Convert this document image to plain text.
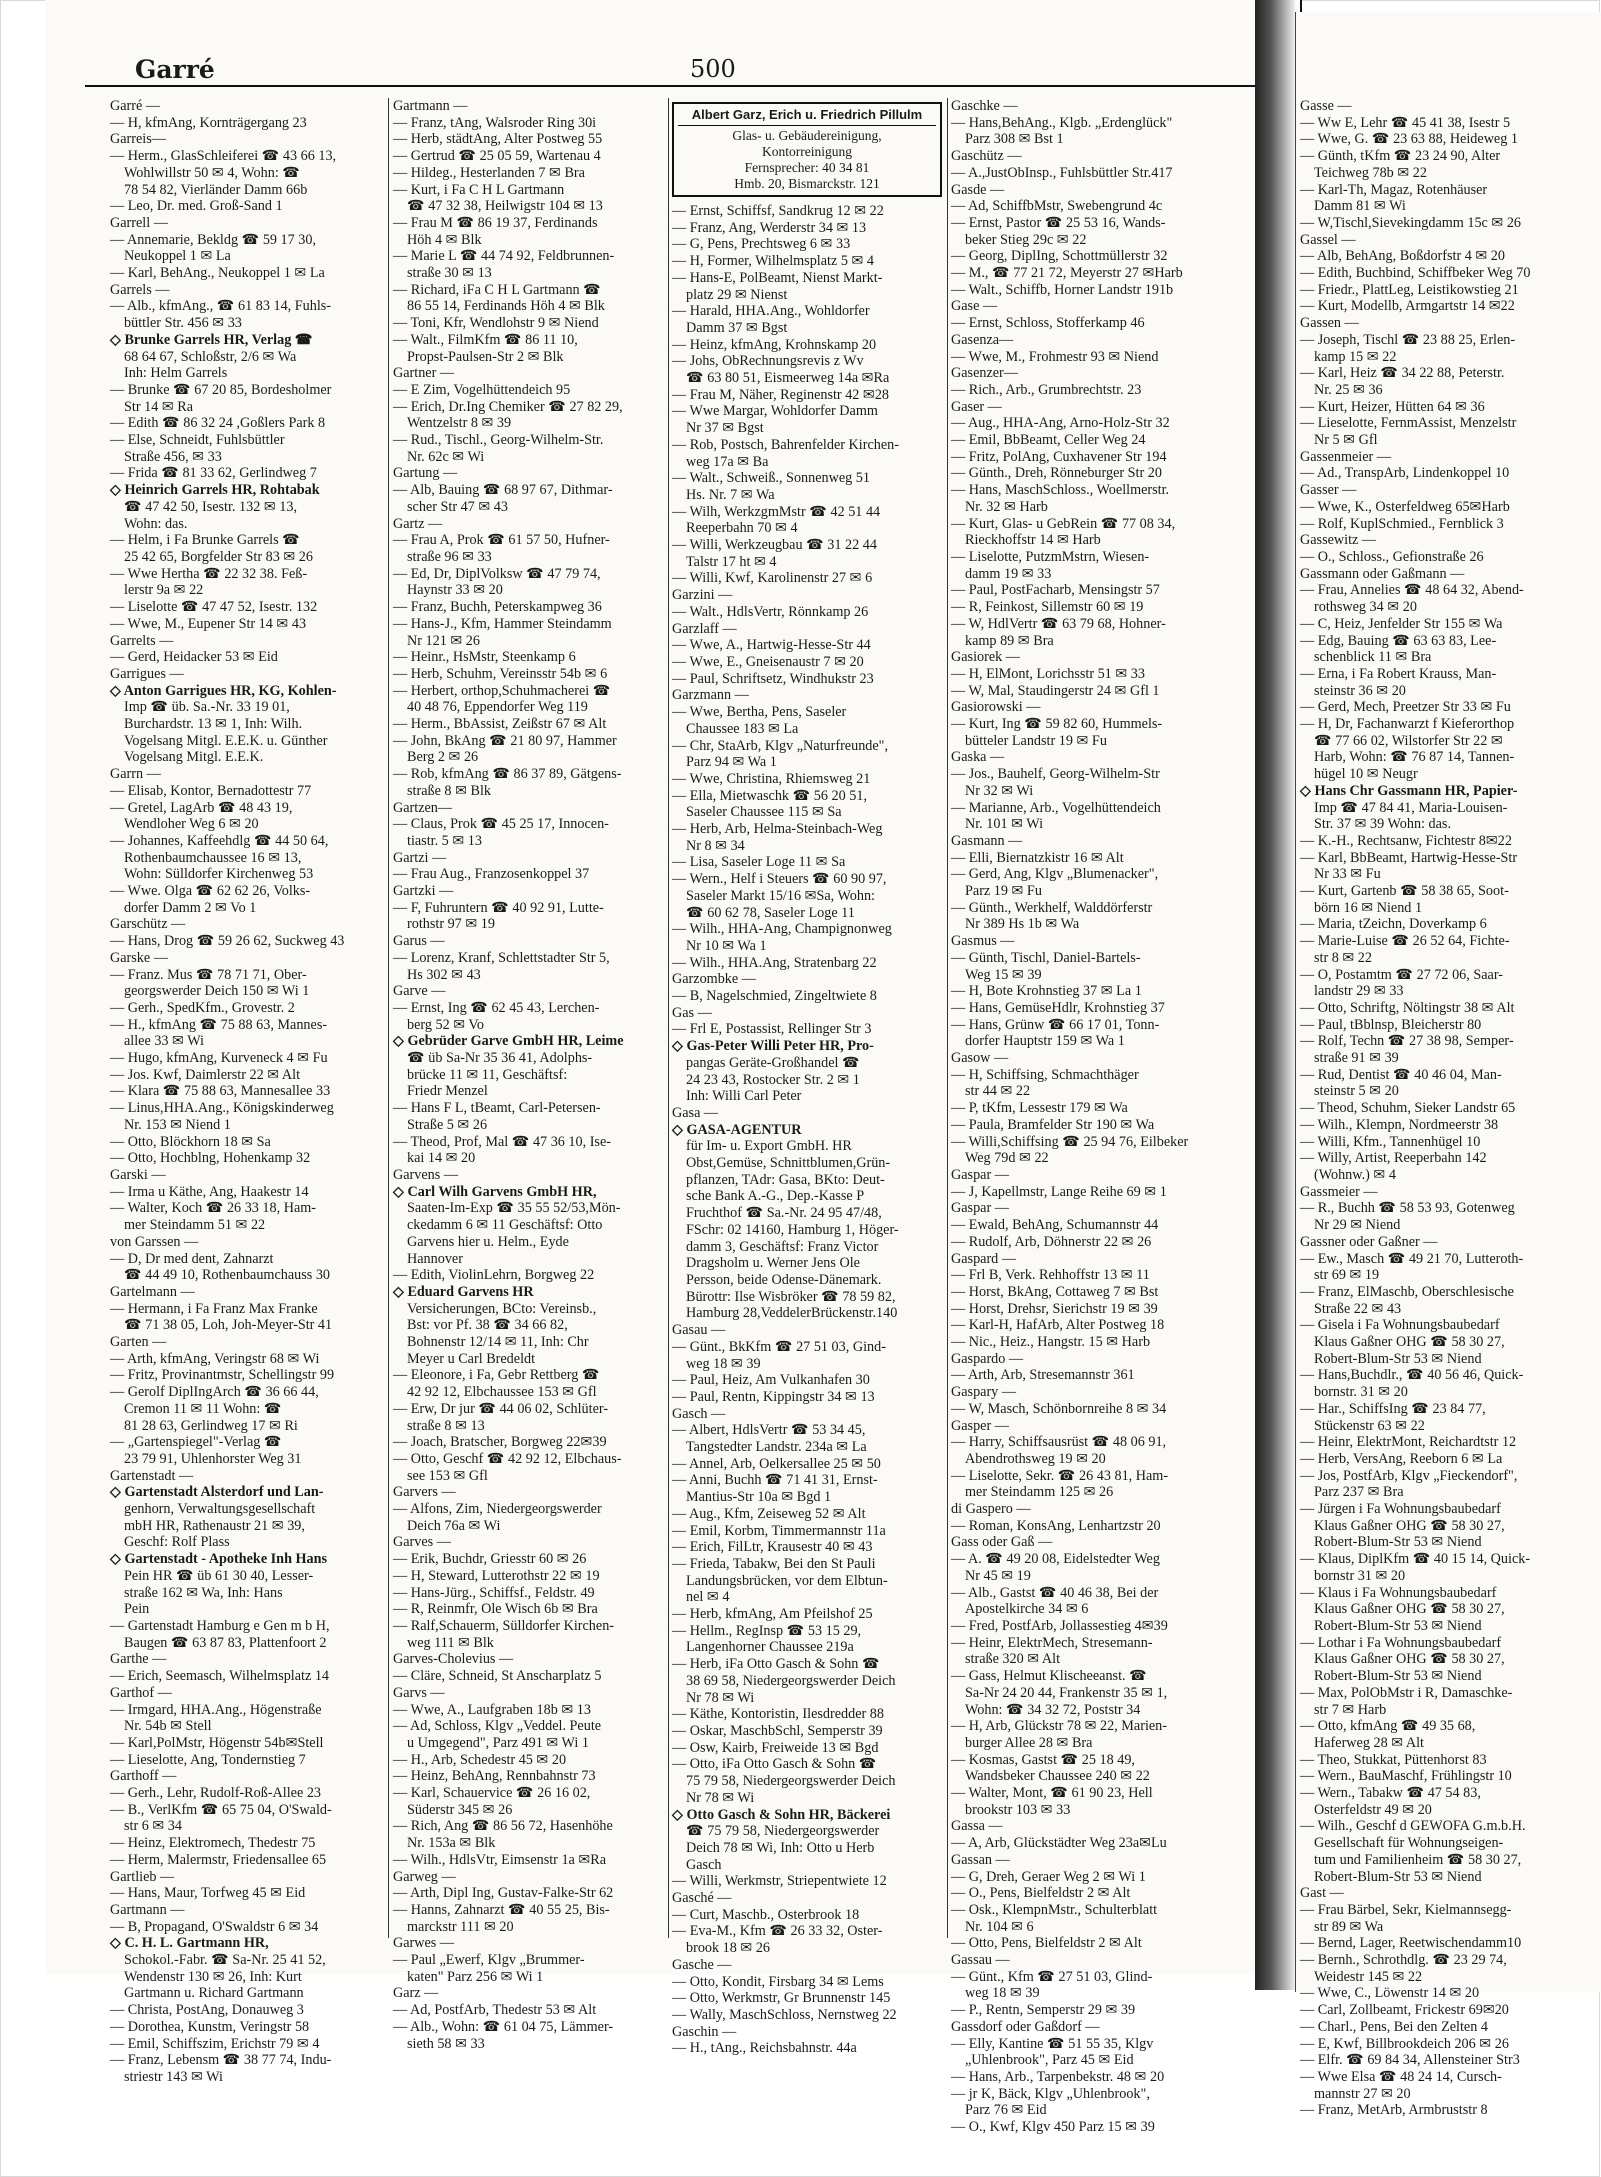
Garré	500
Garré —
— H, kfmAng, Kornträgergang 23
Garreis—
— Herm., GlasSchleiferei ☎ 43 66 13,
Wohlwillstr 50 ✉ 4, Wohn: ☎
78 54 82, Vierländer Damm 66b
— Leo, Dr. med. Groß-Sand 1
Garrell —
— Annemarie, Bekldg ☎ 59 17 30,
Neukoppel 1 ✉ La
— Karl, BehAng., Neukoppel 1 ✉ La
Garrels —
— Alb., kfmAng., ☎ 61 83 14, Fuhls-
büttler Str. 456 ✉ 33
◇ Brunke Garrels HR, Verlag ☎
68 64 67, Schloßstr, 2/6 ✉ Wa
Inh: Helm Garrels
— Brunke ☎ 67 20 85, Bordesholmer
Str 14 ✉ Ra
— Edith ☎ 86 32 24 ,Goßlers Park 8
— Else, Schneidt, Fuhlsbüttler
Straße 456, ✉ 33
— Frida ☎ 81 33 62, Gerlindweg 7
◇ Heinrich Garrels HR, Rohtabak
☎ 47 42 50, Isestr. 132 ✉ 13,
Wohn: das.
— Helm, i Fa Brunke Garrels ☎
25 42 65, Borgfelder Str 83 ✉ 26
— Wwe Hertha ☎ 22 32 38. Feß-
lerstr 9a ✉ 22
— Liselotte ☎ 47 47 52, Isestr. 132
— Wwe, M., Eupener Str 14 ✉ 43
Garrelts —
— Gerd, Heidacker 53 ✉ Eid
Garrigues —
◇ Anton Garrigues HR, KG, Kohlen-
Imp ☎ üb. Sa.-Nr. 33 19 01,
Burchardstr. 13 ✉ 1, Inh: Wilh.
Vogelsang Mitgl. E.E.K. u. Günther
Vogelsang Mitgl. E.E.K.
Garrn —
— Elisab, Kontor, Bernadottestr 77
— Gretel, LagArb ☎ 48 43 19,
Wendloher Weg 6 ✉ 20
— Johannes, Kaffeehdlg ☎ 44 50 64,
Rothenbaumchaussee 16 ✉ 13,
Wohn: Sülldorfer Kirchenweg 53
— Wwe. Olga ☎ 62 62 26, Volks-
dorfer Damm 2 ✉ Vo 1
Garschütz —
— Hans, Drog ☎ 59 26 62, Suckweg 43
Garske —
— Franz. Mus ☎ 78 71 71, Ober-
georgswerder Deich 150 ✉ Wi 1
— Gerh., SpedKfm., Grovestr. 2
— H., kfmAng ☎ 75 88 63, Mannes-
allee 33 ✉ Wi
— Hugo, kfmAng, Kurveneck 4 ✉ Fu
— Jos. Kwf, Daimlerstr 22 ✉ Alt
— Klara ☎ 75 88 63, Mannesallee 33
— Linus,HHA.Ang., Königskinderweg
Nr. 153 ✉ Niend 1
— Otto, Blöckhorn 18 ✉ Sa
— Otto, Hochblng, Hohenkamp 32
Garski —
— Irma u Käthe, Ang, Haakestr 14
— Walter, Koch ☎ 26 33 18, Ham-
mer Steindamm 51 ✉ 22
von Garssen —
— D, Dr med dent, Zahnarzt
☎ 44 49 10, Rothenbaumchauss 30
Gartelmann —
— Hermann, i Fa Franz Max Franke
☎ 71 38 05, Loh, Joh-Meyer-Str 41
Garten —
— Arth, kfmAng, Veringstr 68 ✉ Wi
— Fritz, Provinantmstr, Schellingstr 99
— Gerolf DiplIngArch ☎ 36 66 44,
Cremon 11 ✉ 11 Wohn: ☎
81 28 63, Gerlindweg 17 ✉ Ri
— „Gartenspiegel"-Verlag ☎
23 79 91, Uhlenhorster Weg 31
Gartenstadt —
◇ Gartenstadt Alsterdorf und Lan-
genhorn, Verwaltungsgesellschaft
mbH HR, Rathenaustr 21 ✉ 39,
Geschf: Rolf Plass
◇ Gartenstadt - Apotheke Inh Hans
Pein HR ☎ üb 61 30 40, Lesser-
straße 162 ✉ Wa, Inh: Hans
Pein
— Gartenstadt Hamburg e Gen m b H,
Baugen ☎ 63 87 83, Plattenfoort 2
Garthe —
— Erich, Seemasch, Wilhelmsplatz 14
Garthof —
— Irmgard, HHA.Ang., Högenstraße
Nr. 54b ✉ Stell
— Karl,PolMstr, Högenstr 54b✉Stell
— Lieselotte, Ang, Tondernstieg 7
Garthoff —
— Gerh., Lehr, Rudolf-Roß-Allee 23
— B., VerlKfm ☎ 65 75 04, O'Swald-
str 6 ✉ 34
— Heinz, Elektromech, Thedestr 75
— Herm, Malermstr, Friedensallee 65
Gartlieb —
— Hans, Maur, Torfweg 45 ✉ Eid
Gartmann —
— B, Propagand, O'Swaldstr 6 ✉ 34
◇ C. H. L. Gartmann HR,
Schokol.-Fabr. ☎ Sa-Nr. 25 41 52,
Wendenstr 130 ✉ 26, Inh: Kurt
Gartmann u. Richard Gartmann
— Christa, PostAng, Donauweg 3
— Dorothea, Kunstm, Veringstr 58
— Emil, Schiffszim, Erichstr 79 ✉ 4
— Franz, Lebensm ☎ 38 77 74, Indu-
striestr 143 ✉ Wi
Gartmann —
— Franz, tAng, Walsroder Ring 30i
— Herb, städtAng, Alter Postweg 55
— Gertrud ☎ 25 05 59, Wartenau 4
— Hildeg., Hesterlanden 7 ✉ Bra
— Kurt, i Fa C H L Gartmann
☎ 47 32 38, Heilwigstr 104 ✉ 13
— Frau M ☎ 86 19 37, Ferdinands
Höh 4 ✉ Blk
— Marie L ☎ 44 74 92, Feldbrunnen-
straße 30 ✉ 13
— Richard, iFa C H L Gartmann ☎
86 55 14, Ferdinands Höh 4 ✉ Blk
— Toni, Kfr, Wendlohstr 9 ✉ Niend
— Walt., FilmKfm ☎ 86 11 10,
Propst-Paulsen-Str 2 ✉ Blk
Gartner —
— E Zim, Vogelhüttendeich 95
— Erich, Dr.Ing Chemiker ☎ 27 82 29,
Wentzelstr 8 ✉ 39
— Rud., Tischl., Georg-Wilhelm-Str.
Nr. 62c ✉ Wi
Gartung —
— Alb, Bauing ☎ 68 97 67, Dithmar-
scher Str 47 ✉ 43
Gartz —
— Frau A, Prok ☎ 61 57 50, Hufner-
straße 96 ✉ 33
— Ed, Dr, DiplVolksw ☎ 47 79 74,
Haynstr 33 ✉ 20
— Franz, Buchh, Peterskampweg 36
— Hans-J., Kfm, Hammer Steindamm
Nr 121 ✉ 26
— Heinr., HsMstr, Steenkamp 6
— Herb, Schuhm, Vereinsstr 54b ✉ 6
— Herbert, orthop,Schuhmacherei ☎
40 48 76, Eppendorfer Weg 119
— Herm., BbAssist, Zeißstr 67 ✉ Alt
— John, BkAng ☎ 21 80 97, Hammer
Berg 2 ✉ 26
— Rob, kfmAng ☎ 86 37 89, Gätgens-
straße 8 ✉ Blk
Gartzen—
— Claus, Prok ☎ 45 25 17, Innocen-
tiastr. 5 ✉ 13
Gartzi —
— Frau Aug., Franzosenkoppel 37
Gartzki —
— F, Fuhruntern ☎ 40 92 91, Lutte-
rothstr 97 ✉ 19
Garus —
— Lorenz, Kranf, Schlettstadter Str 5,
Hs 302 ✉ 43
Garve —
— Ernst, Ing ☎ 62 45 43, Lerchen-
berg 52 ✉ Vo
◇ Gebrüder Garve GmbH HR, Leime
☎ üb Sa-Nr 35 36 41, Adolphs-
brücke 11 ✉ 11, Geschäftsf:
Friedr Menzel
— Hans F L, tBeamt, Carl-Petersen-
Straße 5 ✉ 26
— Theod, Prof, Mal ☎ 47 36 10, Ise-
kai 14 ✉ 20
Garvens —
◇ Carl Wilh Garvens GmbH HR,
Saaten-Im-Exp ☎ 35 55 52/53,Mön-
ckedamm 6 ✉ 11 Geschäftsf: Otto
Garvens hier u. Helm., Eyde
Hannover
— Edith, ViolinLehrn, Borgweg 22
◇ Eduard Garvens HR
Versicherungen, BCto: Vereinsb.,
Bst: vor Pf. 38 ☎ 34 66 82,
Bohnenstr 12/14 ✉ 11, Inh: Chr
Meyer u Carl Bredeldt
— Eleonore, i Fa, Gebr Rettberg ☎
42 92 12, Elbchaussee 153 ✉ Gfl
— Erw, Dr jur ☎ 44 06 02, Schlüter-
straße 8 ✉ 13
— Joach, Bratscher, Borgweg 22✉39
— Otto, Geschf ☎ 42 92 12, Elbchaus-
see 153 ✉ Gfl
Garvers —
— Alfons, Zim, Niedergeorgswerder
Deich 76a ✉ Wi
Garves —
— Erik, Buchdr, Griesstr 60 ✉ 26
— H, Steward, Lutterothstr 22 ✉ 19
— Hans-Jürg., Schiffsf., Feldstr. 49
— R, Reinmfr, Ole Wisch 6b ✉ Bra
— Ralf,Schauerm, Sülldorfer Kirchen-
weg 111 ✉ Blk
Garves-Cholevius —
— Cläre, Schneid, St Anscharplatz 5
Garvs —
— Wwe, A., Laufgraben 18b ✉ 13
— Ad, Schloss, Klgv „Veddel. Peute
u Umgegend", Parz 491 ✉ Wi 1
— H., Arb, Schedestr 45 ✉ 20
— Heinz, BehAng, Rennbahnstr 73
— Karl, Schauervice ☎ 26 16 02,
Süderstr 345 ✉ 26
— Rich, Ang ☎ 86 56 72, Hasenhöhe
Nr. 153a ✉ Blk
— Wilh., HdlsVtr, Eimsenstr 1a ✉Ra
Garweg —
— Arth, Dipl Ing, Gustav-Falke-Str 62
— Hanns, Zahnarzt ☎ 40 55 25, Bis-
marckstr 111 ✉ 20
Garwes —
— Paul „Ewerf, Klgv „Brummer-
katen" Parz 256 ✉ Wi 1
Garz —
— Ad, PostfArb, Thedestr 53 ✉ Alt
— Alb., Wohn: ☎ 61 04 75, Lämmer-
sieth 58 ✉ 33
Albert Garz, Erich u. Friedrich Pillulm
Glas- u. Gebäudereinigung,
Kontorreinigung
Fernsprecher: 40 34 81
Hmb. 20, Bismarckstr. 121
— Ernst, Schiffsf, Sandkrug 12 ✉ 22
— Franz, Ang, Werderstr 34 ✉ 13
— G, Pens, Prechtsweg 6 ✉ 33
— H, Former, Wilhelmsplatz 5 ✉ 4
— Hans-E, PolBeamt, Nienst Markt-
platz 29 ✉ Nienst
— Harald, HHA.Ang., Wohldorfer
Damm 37 ✉ Bgst
— Heinz, kfmAng, Krohnskamp 20
— Johs, ObRechnungsrevis z Wv
☎ 63 80 51, Eismeerweg 14a ✉Ra
— Frau M, Näher, Reginenstr 42 ✉28
— Wwe Margar, Wohldorfer Damm
Nr 37 ✉ Bgst
— Rob, Postsch, Bahrenfelder Kirchen-
weg 17a ✉ Ba
— Walt., Schweiß., Sonnenweg 51
Hs. Nr. 7 ✉ Wa
— Wilh, WerkzgmMstr ☎ 42 51 44
Reeperbahn 70 ✉ 4
— Willi, Werkzeugbau ☎ 31 22 44
Talstr 17 ht ✉ 4
— Willi, Kwf, Karolinenstr 27 ✉ 6
Garzini —
— Walt., HdlsVertr, Rönnkamp 26
Garzlaff —
— Wwe, A., Hartwig-Hesse-Str 44
— Wwe, E., Gneisenaustr 7 ✉ 20
— Paul, Schriftsetz, Windhukstr 23
Garzmann —
— Wwe, Bertha, Pens, Saseler
Chaussee 183 ✉ La
— Chr, StaArb, Klgv „Naturfreunde",
Parz 94 ✉ Wa 1
— Wwe, Christina, Rhiemsweg 21
— Ella, Mietwaschk ☎ 56 20 51,
Saseler Chaussee 115 ✉ Sa
— Herb, Arb, Helma-Steinbach-Weg
Nr 8 ✉ 34
— Lisa, Saseler Loge 11 ✉ Sa
— Wern., Helf i Steuers ☎ 60 90 97,
Saseler Markt 15/16 ✉Sa, Wohn:
☎ 60 62 78, Saseler Loge 11
— Wilh., HHA-Ang, Champignonweg
Nr 10 ✉ Wa 1
— Wilh., HHA.Ang, Stratenbarg 22
Garzombke —
— B, Nagelschmied, Zingeltwiete 8
Gas —
— Frl E, Postassist, Rellinger Str 3
◇ Gas-Peter Willi Peter HR, Pro-
pangas Geräte-Großhandel ☎
24 23 43, Rostocker Str. 2 ✉ 1
Inh: Willi Carl Peter
Gasa —
◇ GASA-AGENTUR
für Im- u. Export GmbH. HR
Obst,Gemüse, Schnittblumen,Grün-
pflanzen, TAdr: Gasa, BKto: Deut-
sche Bank A.-G., Dep.-Kasse P
Fruchthof ☎ Sa.-Nr. 24 95 47/48,
FSchr: 02 14160, Hamburg 1, Höger-
damm 3, Geschäftsf: Franz Victor
Dragsholm u. Werner Jens Ole
Persson, beide Odense-Dänemark.
Bürottr: Ilse Wisbröker ☎ 78 59 82,
Hamburg 28,VeddelerBrückenstr.140
Gasau —
— Günt., BkKfm ☎ 27 51 03, Gind-
weg 18 ✉ 39
— Paul, Heiz, Am Vulkanhafen 30
— Paul, Rentn, Kippingstr 34 ✉ 13
Gasch —
— Albert, HdlsVertr ☎ 53 34 45,
Tangstedter Landstr. 234a ✉ La
— Annel, Arb, Oelkersallee 25 ✉ 50
— Anni, Buchh ☎ 71 41 31, Ernst-
Mantius-Str 10a ✉ Bgd 1
— Aug., Kfm, Zeiseweg 52 ✉ Alt
— Emil, Korbm, Timmermannstr 11a
— Erich, FilLtr, Krausestr 40 ✉ 43
— Frieda, Tabakw, Bei den St Pauli
Landungsbrücken, vor dem Elbtun-
nel ✉ 4
— Herb, kfmAng, Am Pfeilshof 25
— Hellm., RegInsp ☎ 53 15 29,
Langenhorner Chaussee 219a
— Herb, iFa Otto Gasch & Sohn ☎
38 69 58, Niedergeorgswerder Deich
Nr 78 ✉ Wi
— Käthe, Kontoristin, Ilesdredder 88
— Oskar, MaschbSchl, Semperstr 39
— Osw, Kairb, Freiweide 13 ✉ Bgd
— Otto, iFa Otto Gasch & Sohn ☎
75 79 58, Niedergeorgswerder Deich
Nr 78 ✉ Wi
◇ Otto Gasch & Sohn HR, Bäckerei
☎ 75 79 58, Niedergeorgswerder
Deich 78 ✉ Wi, Inh: Otto u Herb
Gasch
— Willi, Werkmstr, Striepentwiete 12
Gasché —
— Curt, Maschb., Osterbrook 18
— Eva-M., Kfm ☎ 26 33 32, Oster-
brook 18 ✉ 26
Gasche —
— Otto, Kondit, Firsbarg 34 ✉ Lems
— Otto, Werkmstr, Gr Brunnenstr 145
— Wally, MaschSchloss, Nernstweg 22
Gaschin —
— H., tAng., Reichsbahnstr. 44a
Gaschke —
— Hans,BehAng., Klgb. „Erdenglück"
Parz 308 ✉ Bst 1
Gaschütz —
— A.,JustObInsp., Fuhlsbüttler Str.417
Gasde —
— Ad, SchiffbMstr, Swebengrund 4c
— Ernst, Pastor ☎ 25 53 16, Wands-
beker Stieg 29c ✉ 22
— Georg, DiplIng, Schottmüllerstr 32
— M., ☎ 77 21 72, Meyerstr 27 ✉Harb
— Walt., Schiffb, Horner Landstr 191b
Gase —
— Ernst, Schloss, Stofferkamp 46
Gasenza—
— Wwe, M., Frohmestr 93 ✉ Niend
Gasenzer—
— Rich., Arb., Grumbrechtstr. 23
Gaser —
— Aug., HHA-Ang, Arno-Holz-Str 32
— Emil, BbBeamt, Celler Weg 24
— Fritz, PolAng, Cuxhavener Str 194
— Günth., Dreh, Rönneburger Str 20
— Hans, MaschSchloss., Woellmerstr.
Nr. 32 ✉ Harb
— Kurt, Glas- u GebRein ☎ 77 08 34,
Rieckhoffstr 14 ✉ Harb
— Liselotte, PutzmMstrn, Wiesen-
damm 19 ✉ 33
— Paul, PostFacharb, Mensingstr 57
— R, Feinkost, Sillemstr 60 ✉ 19
— W, HdlVertr ☎ 63 79 68, Hohner-
kamp 89 ✉ Bra
Gasiorek —
— H, ElMont, Lorichsstr 51 ✉ 33
— W, Mal, Staudingerstr 24 ✉ Gfl 1
Gasiorowski —
— Kurt, Ing ☎ 59 82 60, Hummels-
bütteler Landstr 19 ✉ Fu
Gaska —
— Jos., Bauhelf, Georg-Wilhelm-Str
Nr 32 ✉ Wi
— Marianne, Arb., Vogelhüttendeich
Nr. 101 ✉ Wi
Gasmann —
— Elli, Biernatzkistr 16 ✉ Alt
— Gerd, Ang, Klgv „Blumenacker",
Parz 19 ✉ Fu
— Günth., Werkhelf, Walddörferstr
Nr 389 Hs 1b ✉ Wa
Gasmus —
— Günth, Tischl, Daniel-Bartels-
Weg 15 ✉ 39
— H, Bote Krohnstieg 37 ✉ La 1
— Hans, GemüseHdlr, Krohnstieg 37
— Hans, Grünw ☎ 66 17 01, Tonn-
dorfer Hauptstr 159 ✉ Wa 1
Gasow —
— H, Schiffsing, Schmachthäger
str 44 ✉ 22
— P, tKfm, Lessestr 179 ✉ Wa
— Paula, Bramfelder Str 190 ✉ Wa
— Willi,Schiffsing ☎ 25 94 76, Eilbeker
Weg 79d ✉ 22
Gaspar —
— J, Kapellmstr, Lange Reihe 69 ✉ 1
Gaspar —
— Ewald, BehAng, Schumannstr 44
— Rudolf, Arb, Döhnerstr 22 ✉ 26
Gaspard —
— Frl B, Verk. Rehhoffstr 13 ✉ 11
— Horst, BkAng, Cottaweg 7 ✉ Bst
— Horst, Drehsr, Sierichstr 19 ✉ 39
— Karl-H, HafArb, Alter Postweg 18
— Nic., Heiz., Hangstr. 15 ✉ Harb
Gaspardo —
— Arth, Arb, Stresemannstr 361
Gaspary —
— W, Masch, Schönbornreihe 8 ✉ 34
Gasper —
— Harry, Schiffsausrüst ☎ 48 06 91,
Abendrothsweg 19 ✉ 20
— Liselotte, Sekr. ☎ 26 43 81, Ham-
mer Steindamm 125 ✉ 26
di Gaspero —
— Roman, KonsAng, Lenhartzstr 20
Gass oder Gaß —
— A. ☎ 49 20 08, Eidelstedter Weg
Nr 45 ✉ 19
— Alb., Gastst ☎ 40 46 38, Bei der
Apostelkirche 34 ✉ 6
— Fred, PostfArb, Jollassestieg 4✉39
— Heinr, ElektrMech, Stresemann-
straße 320 ✉ Alt
— Gass, Helmut Klischeeanst. ☎
Sa-Nr 24 20 44, Frankenstr 35 ✉ 1,
Wohn: ☎ 34 32 72, Poststr 34
— H, Arb, Glückstr 78 ✉ 22, Marien-
burger Allee 28 ✉ Bra
— Kosmas, Gastst ☎ 25 18 49,
Wandsbeker Chaussee 240 ✉ 22
— Walter, Mont, ☎ 61 90 23, Hell
brookstr 103 ✉ 33
Gassa —
— A, Arb, Glückstädter Weg 23a✉Lu
Gassan —
— G, Dreh, Geraer Weg 2 ✉ Wi 1
— O., Pens, Bielfeldstr 2 ✉ Alt
— Osk., KlempnMstr., Schulterblatt
Nr. 104 ✉ 6
— Otto, Pens, Bielfeldstr 2 ✉ Alt
Gassau —
— Günt., Kfm ☎ 27 51 03, Glind-
weg 18 ✉ 39
— P., Rentn, Semperstr 29 ✉ 39
Gassdorf oder Gaßdorf —
— Elly, Kantine ☎ 51 55 35, Klgv
„Uhlenbrook", Parz 45 ✉ Eid
— Hans, Arb., Tarpenbekstr. 48 ✉ 20
— jr K, Bäck, Klgv „Uhlenbrook",
Parz 76 ✉ Eid
— O., Kwf, Klgv 450 Parz 15 ✉ 39
Gasse —
— Ww E, Lehr ☎ 45 41 38, Isestr 5
— Wwe, G. ☎ 23 63 88, Heideweg 1
— Günth, tKfm ☎ 23 24 90, Alter
Teichweg 78b ✉ 22
— Karl-Th, Magaz, Rotenhäuser
Damm 81 ✉ Wi
— W,Tischl,Sievekingdamm 15c ✉ 26
Gassel —
— Alb, BehAng, Boßdorfstr 4 ✉ 20
— Edith, Buchbind, Schiffbeker Weg 70
— Friedr., PlattLeg, Leistikowstieg 21
— Kurt, Modellb, Armgartstr 14 ✉22
Gassen —
— Joseph, Tischl ☎ 23 88 25, Erlen-
kamp 15 ✉ 22
— Karl, Heiz ☎ 34 22 88, Peterstr.
Nr. 25 ✉ 36
— Kurt, Heizer, Hütten 64 ✉ 36
— Lieselotte, FernmAssist, Menzelstr
Nr 5 ✉ Gfl
Gassenmeier —
— Ad., TranspArb, Lindenkoppel 10
Gasser —
— Wwe, K., Osterfeldweg 65✉Harb
— Rolf, KuplSchmied., Fernblick 3
Gassewitz —
— O., Schloss., Gefionstraße 26
Gassmann oder Gaßmann —
— Frau, Annelies ☎ 48 64 32, Abend-
rothsweg 34 ✉ 20
— C, Heiz, Jenfelder Str 155 ✉ Wa
— Edg, Bauing ☎ 63 63 83, Lee-
schenblick 11 ✉ Bra
— Erna, i Fa Robert Krauss, Man-
steinstr 36 ✉ 20
— Gerd, Mech, Preetzer Str 33 ✉ Fu
— H, Dr, Fachanwarzt f Kieferorthop
☎ 77 66 02, Wilstorfer Str 22 ✉
Harb, Wohn: ☎ 76 87 14, Tannen-
hügel 10 ✉ Neugr
◇ Hans Chr Gassmann HR, Papier-
Imp ☎ 47 84 41, Maria-Louisen-
Str. 37 ✉ 39 Wohn: das.
— K.-H., Rechtsanw, Fichtestr 8✉22
— Karl, BbBeamt, Hartwig-Hesse-Str
Nr 33 ✉ Fu
— Kurt, Gartenb ☎ 58 38 65, Soot-
börn 16 ✉ Niend 1
— Maria, tZeichn, Doverkamp 6
— Marie-Luise ☎ 26 52 64, Fichte-
str 8 ✉ 22
— O, Postamtm ☎ 27 72 06, Saar-
landstr 29 ✉ 33
— Otto, Schriftg, Nöltingstr 38 ✉ Alt
— Paul, tBblnsp, Bleicherstr 80
— Rolf, Techn ☎ 27 38 98, Semper-
straße 91 ✉ 39
— Rud, Dentist ☎ 40 46 04, Man-
steinstr 5 ✉ 20
— Theod, Schuhm, Sieker Landstr 65
— Wilh., Klempn, Nordmeerstr 38
— Willi, Kfm., Tannenhügel 10
— Willy, Artist, Reeperbahn 142
(Wohnw.) ✉ 4
Gassmeier —
— R., Buchh ☎ 58 53 93, Gotenweg
Nr 29 ✉ Niend
Gassner oder Gaßner —
— Ew., Masch ☎ 49 21 70, Lutteroth-
str 69 ✉ 19
— Franz, ElMaschb, Oberschlesische
Straße 22 ✉ 43
— Gisela i Fa Wohnungsbaubedarf
Klaus Gaßner OHG ☎ 58 30 27,
Robert-Blum-Str 53 ✉ Niend
— Hans,Buchdlr., ☎ 40 56 46, Quick-
bornstr. 31 ✉ 20
— Har., SchiffsIng ☎ 23 84 77,
Stückenstr 63 ✉ 22
— Heinr, ElektrMont, Reichardtstr 12
— Herb, VersAng, Reeborn 6 ✉ La
— Jos, PostfArb, Klgv „Fieckendorf",
Parz 237 ✉ Bra
— Jürgen i Fa Wohnungsbaubedarf
Klaus Gaßner OHG ☎ 58 30 27,
Robert-Blum-Str 53 ✉ Niend
— Klaus, DiplKfm ☎ 40 15 14, Quick-
bornstr 31 ✉ 20
— Klaus i Fa Wohnungsbaubedarf
Klaus Gaßner OHG ☎ 58 30 27,
Robert-Blum-Str 53 ✉ Niend
— Lothar i Fa Wohnungsbaubedarf
Klaus Gaßner OHG ☎ 58 30 27,
Robert-Blum-Str 53 ✉ Niend
— Max, PolObMstr i R, Damaschke-
str 7 ✉ Harb
— Otto, kfmAng ☎ 49 35 68,
Haferweg 28 ✉ Alt
— Theo, Stukkat, Püttenhorst 83
— Wern., BauMaschf, Frühlingstr 10
— Wern., Tabakw ☎ 47 54 83,
Osterfeldstr 49 ✉ 20
— Wilh., Geschf d GEWOFA G.m.b.H.
Gesellschaft für Wohnungseigen-
tum und Familienheim ☎ 58 30 27,
Robert-Blum-Str 53 ✉ Niend
Gast —
— Frau Bärbel, Sekr, Kielmannsegg-
str 89 ✉ Wa
— Bernd, Lager, Reetwischendamm10
— Bernh., Schrothdlg. ☎ 23 29 74,
Weidestr 145 ✉ 22
— Wwe, C., Löwenstr 14 ✉ 20
— Carl, Zollbeamt, Frickestr 69✉20
— Charl., Pens, Bei den Zelten 4
— E, Kwf, Billbrookdeich 206 ✉ 26
— Elfr. ☎ 69 84 34, Allensteiner Str3
— Wwe Elsa ☎ 48 24 14, Cursch-
mannstr 27 ✉ 20
— Franz, MetArb, Armbruststr 8
